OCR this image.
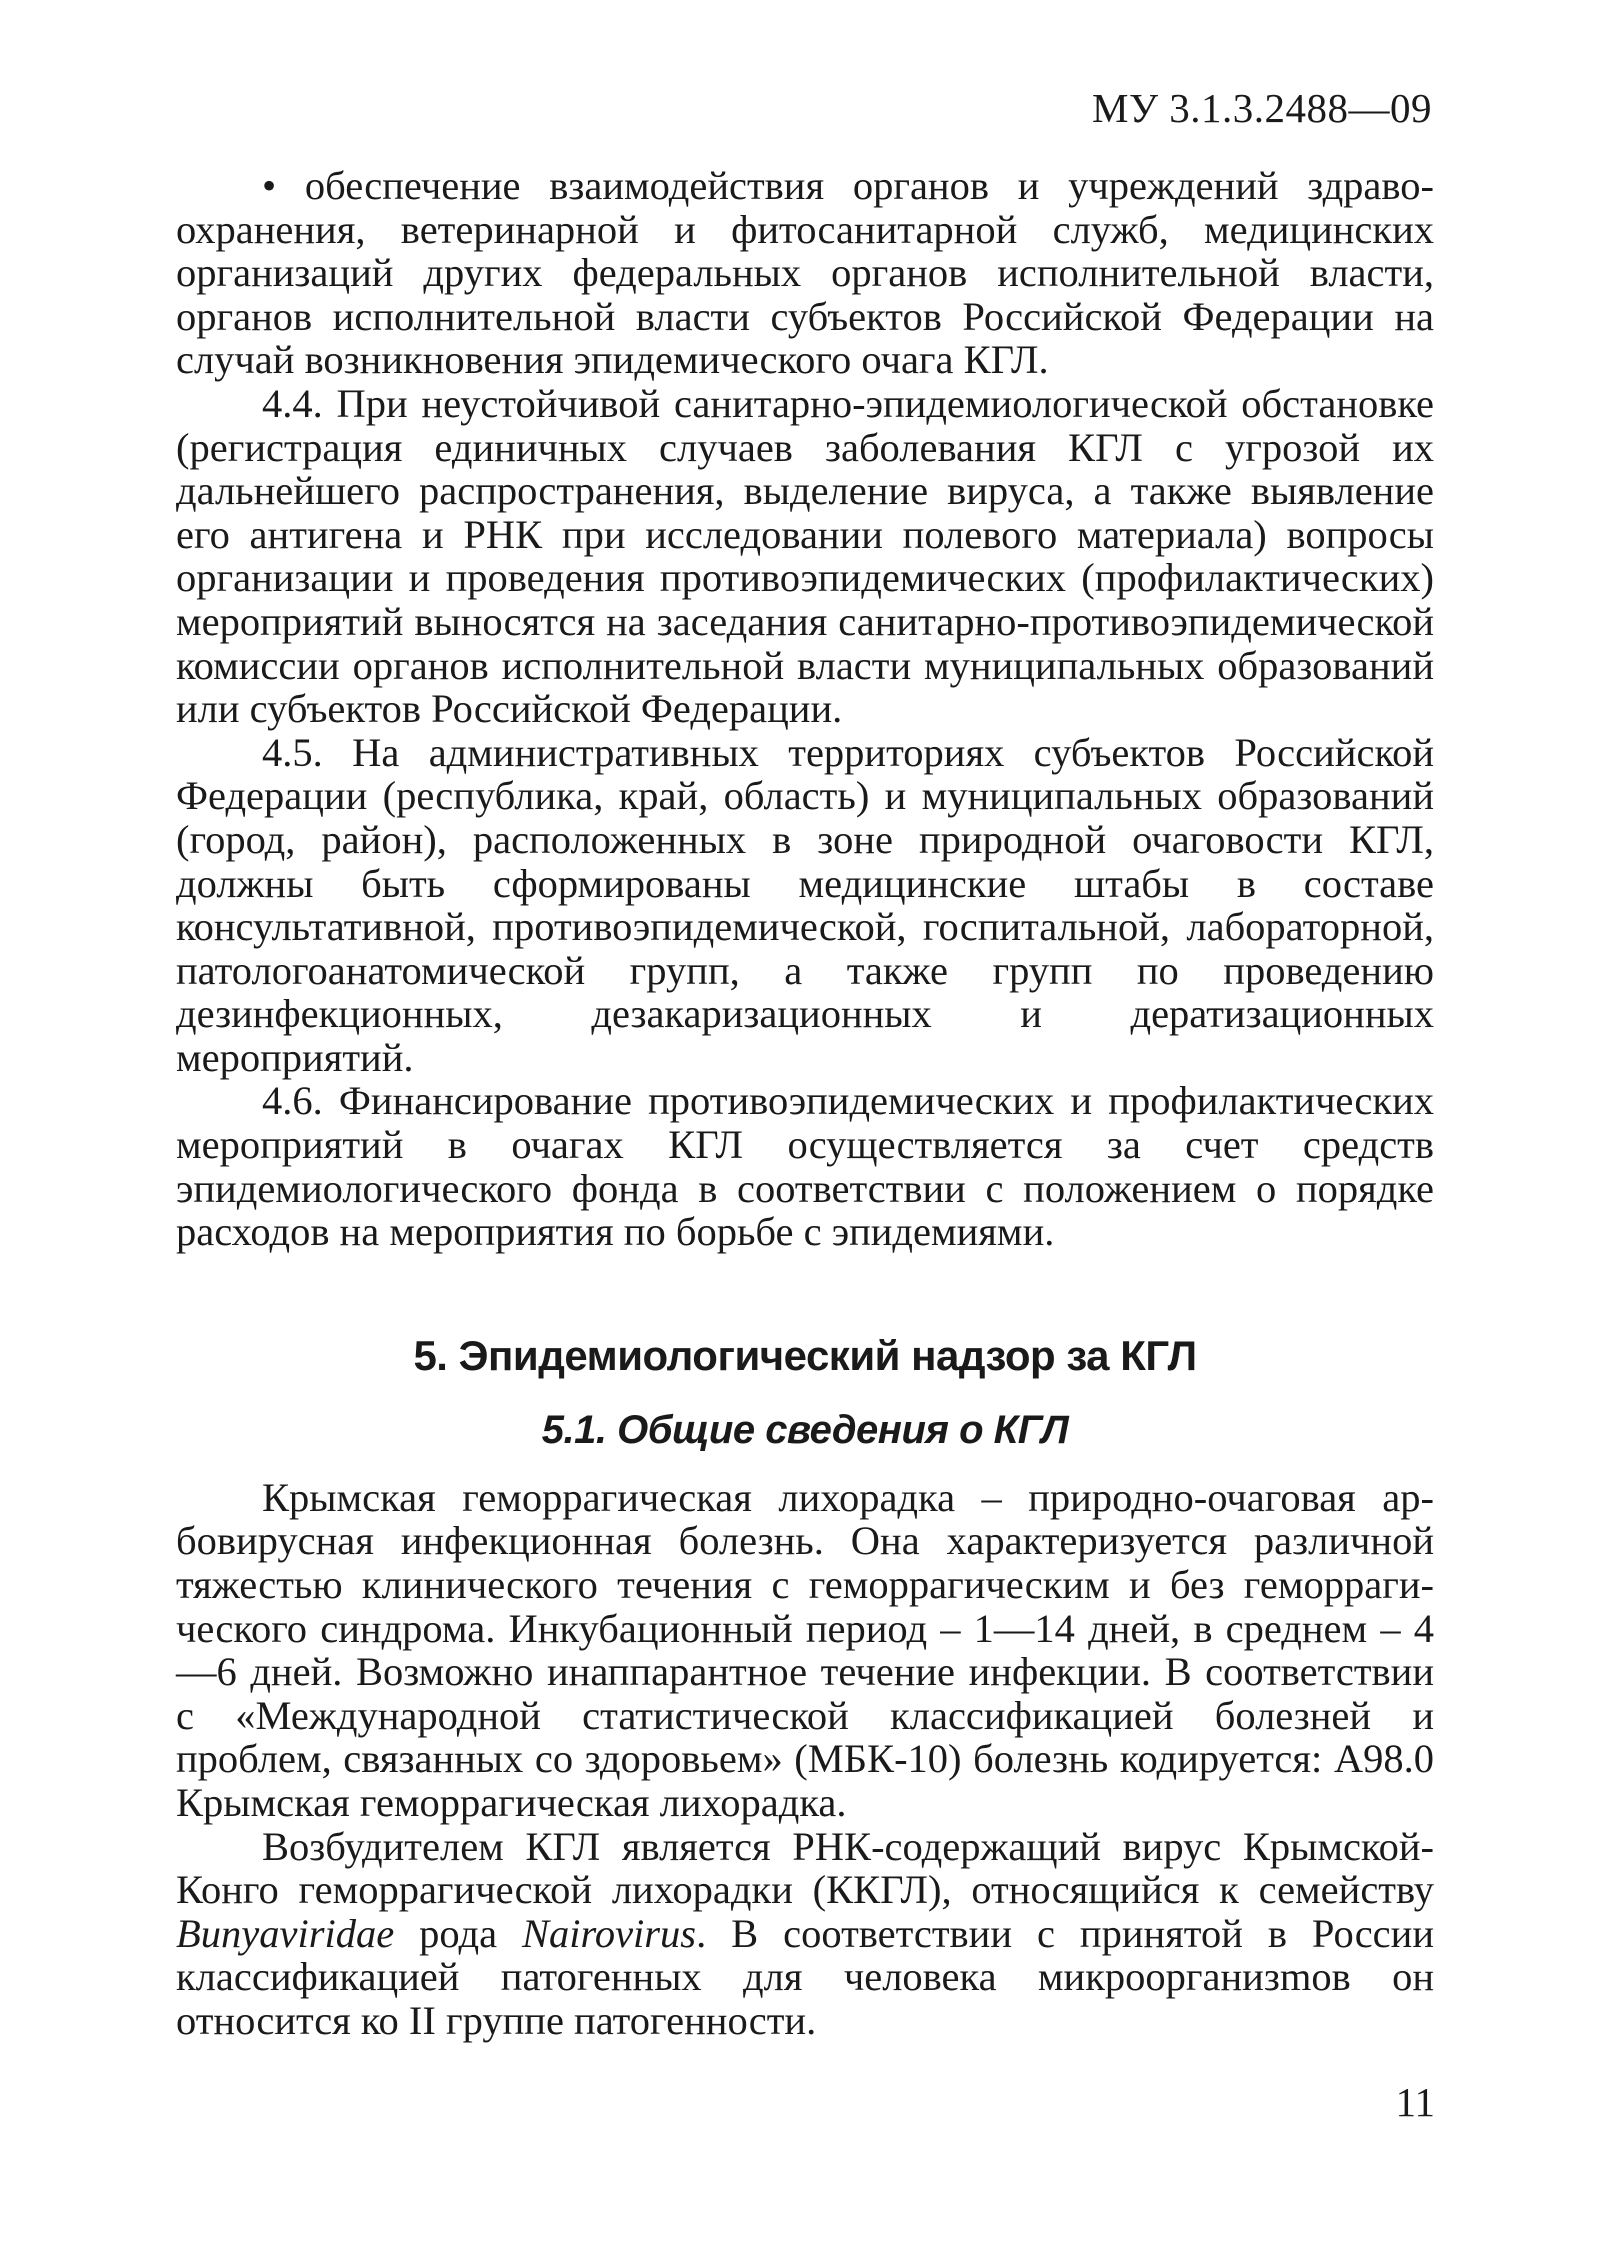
МУ 3.1.3.2488—09

• обеспечение взаимодействия органов и учреждений здравоохранения, ветеринарной и фитосанитарной служб, медицинских организаций других федеральных органов исполнительной власти, органов исполнительной власти субъектов Российской Федерации на случай возникновения эпидемического очага КГЛ.

4.4. При неустойчивой санитарно-эпидемиологической обстановке (регистрация единичных случаев заболевания КГЛ с угрозой их дальнейшего распространения, выделение вируса, а также выявление его антигена и РНК при исследовании полевого материала) вопросы организации и проведения противоэпидемических (профилактических) мероприятий выносятся на заседания санитарно-противоэпидемической комиссии органов исполнительной власти муниципальных образований или субъектов Российской Федерации.

4.5. На административных территориях субъектов Российской Федерации (республика, край, область) и муниципальных образований (город, район), расположенных в зоне природной очаговости КГЛ, должны быть сформированы медицинские штабы в составе консультативной, противоэпидемической, госпитальной, лабораторной, патологоанатомической групп, а также групп по проведению дезинфекционных, дезакаризационных и дератизационных мероприятий.

4.6. Финансирование противоэпидемических и профилактических мероприятий в очагах КГЛ осуществляется за счет средств эпидемиологического фонда в соответствии с положением о порядке расходов на мероприятия по борьбе с эпидемиями.

5. Эпидемиологический надзор за КГЛ
5.1. Общие сведения о КГЛ

Крымская геморрагическая лихорадка – природно-очаговая арбовирусная инфекционная болезнь. Она характеризуется различной тяжестью клинического течения с геморрагическим и без геморрагического синдрома. Инкубационный период – 1—14 дней, в среднем – 4—6 дней. Возможно инаппарантное течение инфекции. В соответствии с «Международной статистической классификацией болезней и проблем, связанных со здоровьем» (МБК-10) болезнь кодируется: А98.0 Крымская геморрагическая лихорадка.

Возбудителем КГЛ является РНК-содержащий вирус Крымской-Конго геморрагической лихорадки (ККГЛ), относящийся к семейству Bunyaviridae рода Nairovirus. В соответствии с принятой в России классификацией патогенных для человека микроорганизmов он относится ко II группе патогенности.

11
